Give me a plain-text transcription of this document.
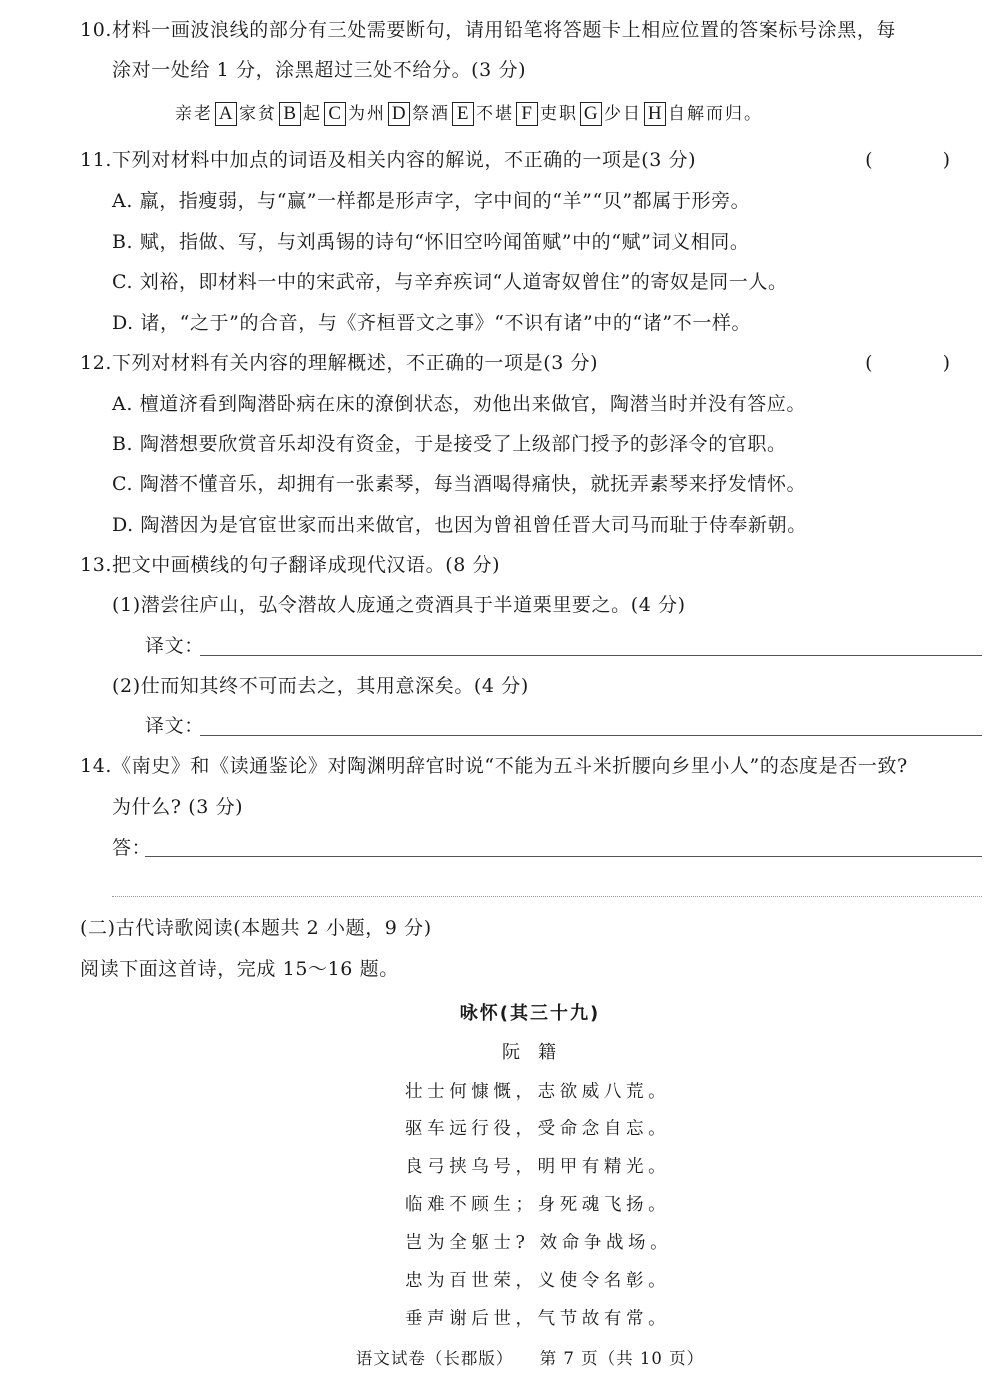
10.材料一画波浪线的部分有三处需要断句，请用铅笔将答题卡上相应位置的答案标号涂黑，每
涂对一处给 1 分，涂黑超过三处不给分。(3 分)
亲老 A 家贫 B 起 C 为州 D 祭酒 E 不堪 F 吏职 G 少日 H 自解而归。
11.下列对材料中加点的词语及相关内容的解说，不正确的一项是(3 分)	( )
A. 羸，指瘦弱，与“赢”一样都是形声字，字中间的“羊”“贝”都属于形旁。
B. 赋，指做、写，与刘禹锡的诗句“怀旧空吟闻笛赋”中的“赋”词义相同。
C. 刘裕，即材料一中的宋武帝，与辛弃疾词“人道寄奴曾住”的寄奴是同一人。
D. 诸，“之于”的合音，与《齐桓晋文之事》“不识有诸”中的“诸”不一样。
12.下列对材料有关内容的理解概述，不正确的一项是(3 分)	( )
A. 檀道济看到陶潜卧病在床的潦倒状态，劝他出来做官，陶潜当时并没有答应。
B. 陶潜想要欣赏音乐却没有资金，于是接受了上级部门授予的彭泽令的官职。
C. 陶潜不懂音乐，却拥有一张素琴，每当酒喝得痛快，就抚弄素琴来抒发情怀。
D. 陶潜因为是官宦世家而出来做官，也因为曾祖曾任晋大司马而耻于侍奉新朝。
13.把文中画横线的句子翻译成现代汉语。(8 分)
(1)潜尝往庐山，弘令潜故人庞通之赍酒具于半道栗里要之。(4 分)
译文：
(2)仕而知其终不可而去之，其用意深矣。(4 分)
译文：
14.《南史》和《读通鉴论》对陶渊明辞官时说“不能为五斗米折腰向乡里小人”的态度是否一致?
为什么? (3 分)
答：
(二)古代诗歌阅读(本题共 2 小题，9 分)
阅读下面这首诗，完成 15～16 题。
咏怀(其三十九)
阮籍
壮士何慷慨，志欲威八荒。
驱车远行役，受命念自忘。
良弓挟乌号，明甲有精光。
临难不顾生；身死魂飞扬。
岂为全躯士? 效命争战场。
忠为百世荣，义使令名彰。
垂声谢后世，气节故有常。
语文试卷（长郡版） 第 7 页（共 10 页）
